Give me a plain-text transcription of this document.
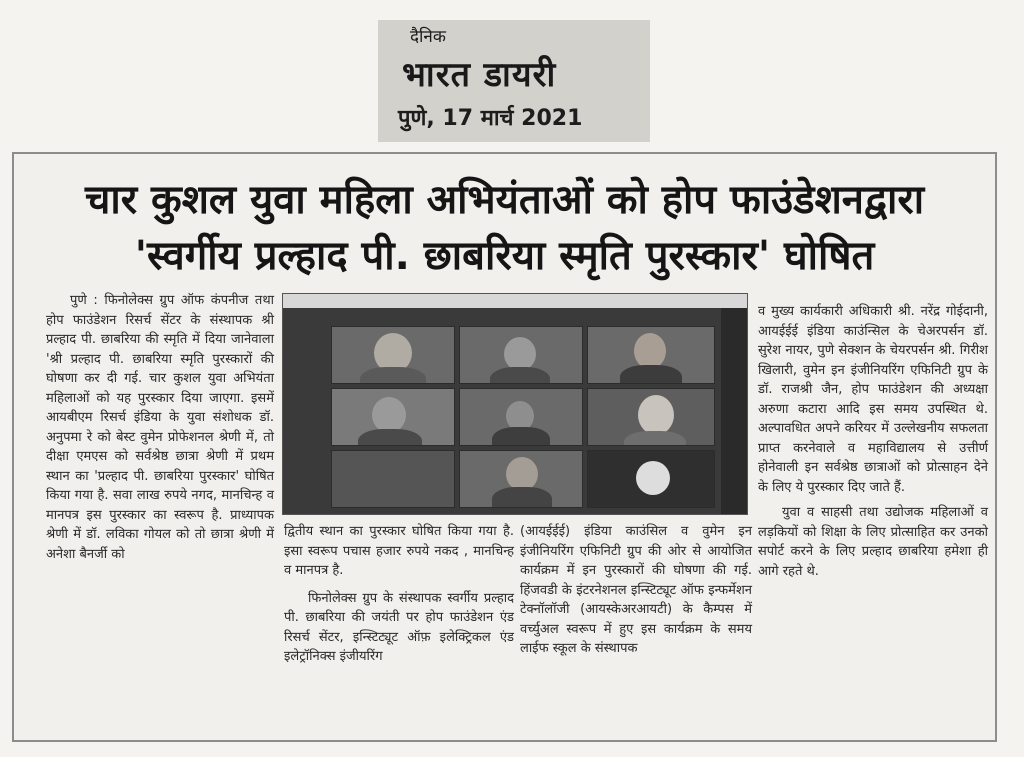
दैनिक
भारत डायरी
पुणे, 17 मार्च 2021
चार कुशल युवा महिला अभियंताओं को होप फाउंडेशनद्वारा
'स्वर्गीय प्रल्हाद पी. छाबरिया स्मृति पुरस्कार' घोषित

पुणे : फिनोलेक्स ग्रुप ऑफ कंपनीज तथा होप फाउंडेशन रिसर्च सेंटर के संस्थापक श्री प्रल्हाद पी. छाबरिया की स्मृति में दिया जानेवाला 'श्री प्रल्हाद पी. छाबरिया स्मृति पुरस्कारों की घोषणा कर दी गई. चार कुशल युवा अभियंता महिलाओं को यह पुरस्कार दिया जाएगा. इसमें आयबीएम रिसर्च इंडिया के युवा संशोधक डॉ. अनुपमा रे को बेस्ट वुमेन प्रोफेशनल श्रेणी में, तो दीक्षा एमएस को सर्वश्रेष्ठ छात्रा श्रेणी में प्रथम स्थान का 'प्रल्हाद पी. छाबरिया पुरस्कार' घोषित किया गया है. सवा लाख रुपये नगद, मानचिन्ह व मानपत्र इस पुरस्कार का स्वरूप है. प्राध्यापक श्रेणी में डॉ. लविका गोयल को तो छात्रा श्रेणी में अनेशा बैनर्जी को

द्वितीय स्थान का पुरस्कार घोषित किया गया है. इसा स्वरूप पचास हजार रुपये नकद , मानचिन्ह व मानपत्र है.

फिनोलेक्स ग्रुप के संस्थापक स्वर्गीय प्रल्हाद पी. छाबरिया की जयंती पर होप फाउंडेशन एंड रिसर्च सेंटर, इन्स्टिट्यूट ऑफ़ इलेक्ट्रिकल एंड इलेट्रॉनिक्स इंजीयरिंग

(आयईईई) इंडिया काउंसिल व वुमेन इन इंजीनियरिंग एफिनिटी ग्रुप की ओर से आयोजित कार्यक्रम में इन पुरस्कारों की घोषणा की गई. हिंजवडी के इंटरनेशनल इन्स्टिट्यूट ऑफ इन्फर्मेशन टेक्नॉलॉजी (आयस्केअरआयटी) के कैम्पस में वर्च्युअल स्वरूप में हुए इस कार्यक्रम के समय लाईफ स्कूल के संस्थापक

व मुख्य कार्यकारी अधिकारी श्री. नरेंद्र गोईदानी, आयईईई इंडिया काउंन्सिल के चेअरपर्सन डॉ. सुरेश नायर, पुणे सेक्शन के चेयरपर्सन श्री. गिरीश खिलारी, वुमेन इन इंजीनियरिंग एफिनिटी ग्रुप के डॉ. राजश्री जैन, होप फाउंडेशन की अध्यक्षा अरुणा कटारा आदि इस समय उपस्थित थे. अल्पावधित अपने करियर में उल्लेखनीय सफलता प्राप्त करनेवाले व महाविद्यालय से उत्तीर्ण होनेवाली इन सर्वश्रेष्ठ छात्राओं को प्रोत्साहन देने के लिए ये पुरस्कार दिए जाते हैं.

युवा व साहसी तथा उद्योजक महिलाओं व लड़कियों को शिक्षा के लिए प्रोत्साहित कर उनको सपोर्ट करने के लिए प्रल्हाद छाबरिया हमेशा ही आगे रहते थे.
